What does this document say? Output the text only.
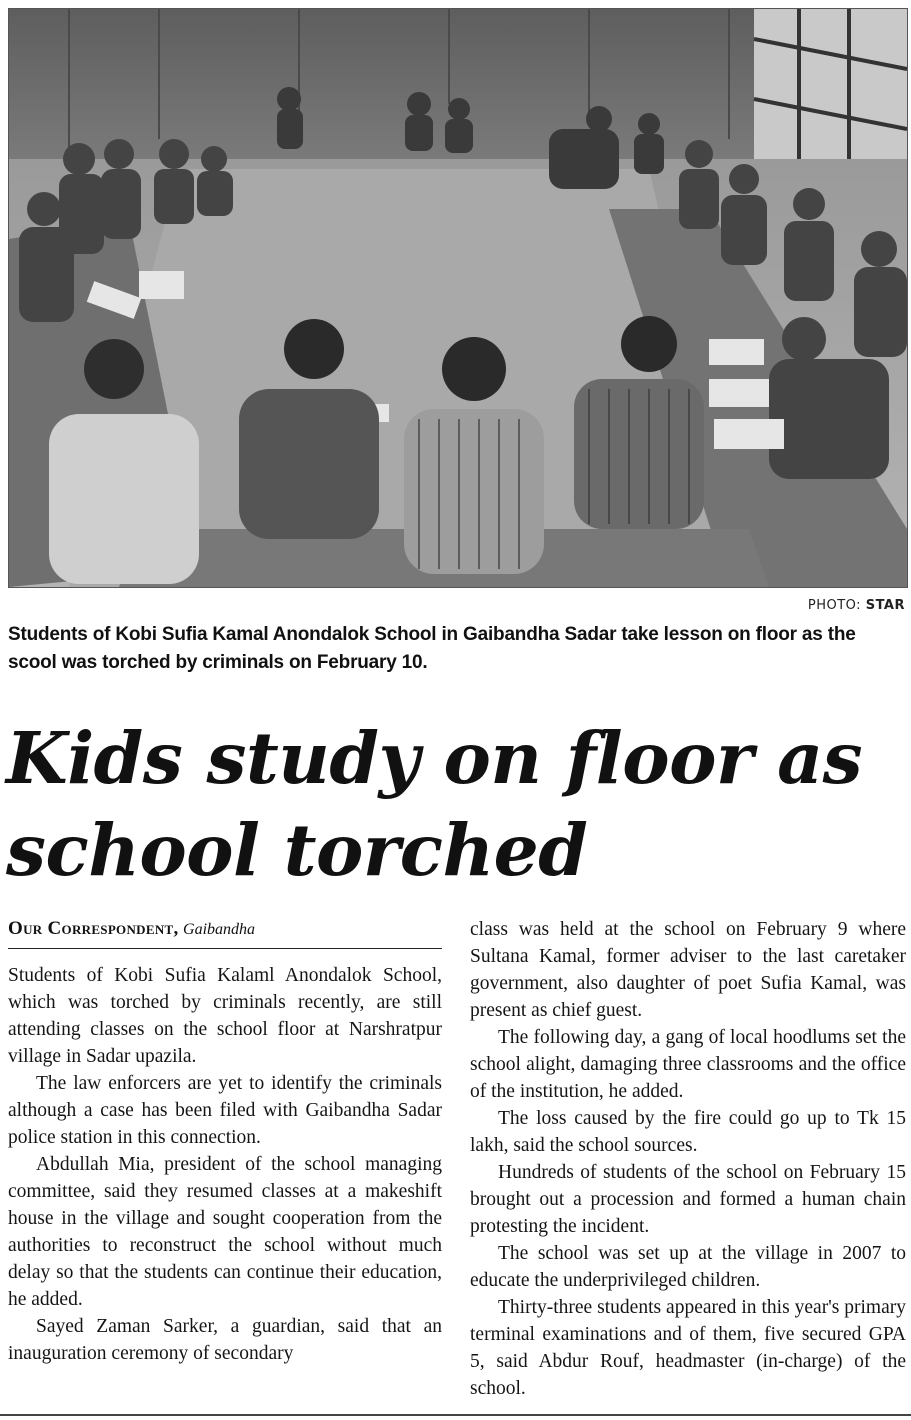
PHOTO: STAR
Students of Kobi Sufia Kamal Anondalok School in Gaibandha Sadar take lesson on floor as the scool was torched by criminals on February 10.
Kids study on floor as school torched
Our Correspondent, Gaibandha

Students of Kobi Sufia Kalaml Anondalok School, which was torched by criminals recently, are still attending classes on the school floor at Narshratpur village in Sadar upazila.

The law enforcers are yet to identify the criminals although a case has been filed with Gaibandha Sadar police station in this connection.

Abdullah Mia, president of the school managing committee, said they resumed classes at a makeshift house in the village and sought cooperation from the authorities to reconstruct the school without much delay so that the students can continue their education, he added.

Sayed Zaman Sarker, a guardian, said that an inauguration ceremony of secondary

class was held at the school on February 9 where Sultana Kamal, former adviser to the last caretaker government, also daughter of poet Sufia Kamal, was present as chief guest.

The following day, a gang of local hoodlums set the school alight, damaging three classrooms and the office of the institution, he added.

The loss caused by the fire could go up to Tk 15 lakh, said the school sources.

Hundreds of students of the school on February 15 brought out a procession and formed a human chain protesting the incident.

The school was set up at the village in 2007 to educate the underprivileged children.

Thirty-three students appeared in this year's primary terminal examinations and of them, five secured GPA 5, said Abdur Rouf, headmaster (in-charge) of the school.
